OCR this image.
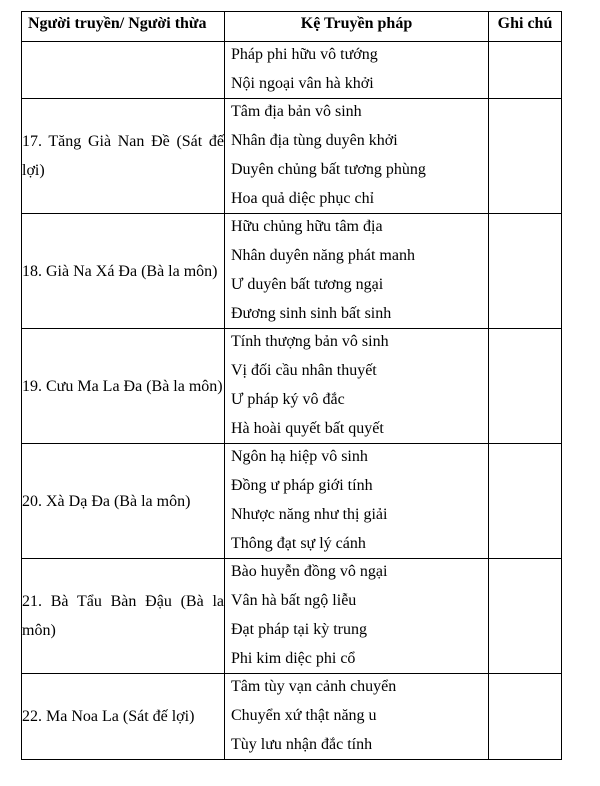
Người truyền/ Người thừa	Kệ Truyền pháp	Ghi chú

	Pháp phi hữu vô tướng
Nội ngoại vân hà khởi	

17. Tăng Già Nan Đề (Sát đế lợi)	Tâm địa bản vô sinh
Nhân địa tùng duyên khởi
Duyên chủng bất tương phùng
Hoa quả diệc phục chỉ	

18. Già Na Xá Đa (Bà la môn)	Hữu chủng hữu tâm địa
Nhân duyên năng phát manh
Ư duyên bất tương ngại
Đương sinh sinh bất sinh	

19. Cưu Ma La Đa (Bà la môn)	Tính thượng bản vô sinh
Vị đối cầu nhân thuyết
Ư pháp ký vô đắc
Hà hoài quyết bất quyết	

20. Xà Dạ Đa (Bà la môn)	Ngôn hạ hiệp vô sinh
Đồng ư pháp giới tính
Nhược năng như thị giải
Thông đạt sự lý cánh	

21. Bà Tẩu Bàn Đậu (Bà la môn)	Bào huyễn đồng vô ngại
Vân hà bất ngộ liễu
Đạt pháp tại kỳ trung
Phi kim diệc phi cổ	

22. Ma Noa La (Sát đế lợi)	Tâm tùy vạn cảnh chuyển
Chuyển xứ thật năng u
Tùy lưu nhận đắc tính	
